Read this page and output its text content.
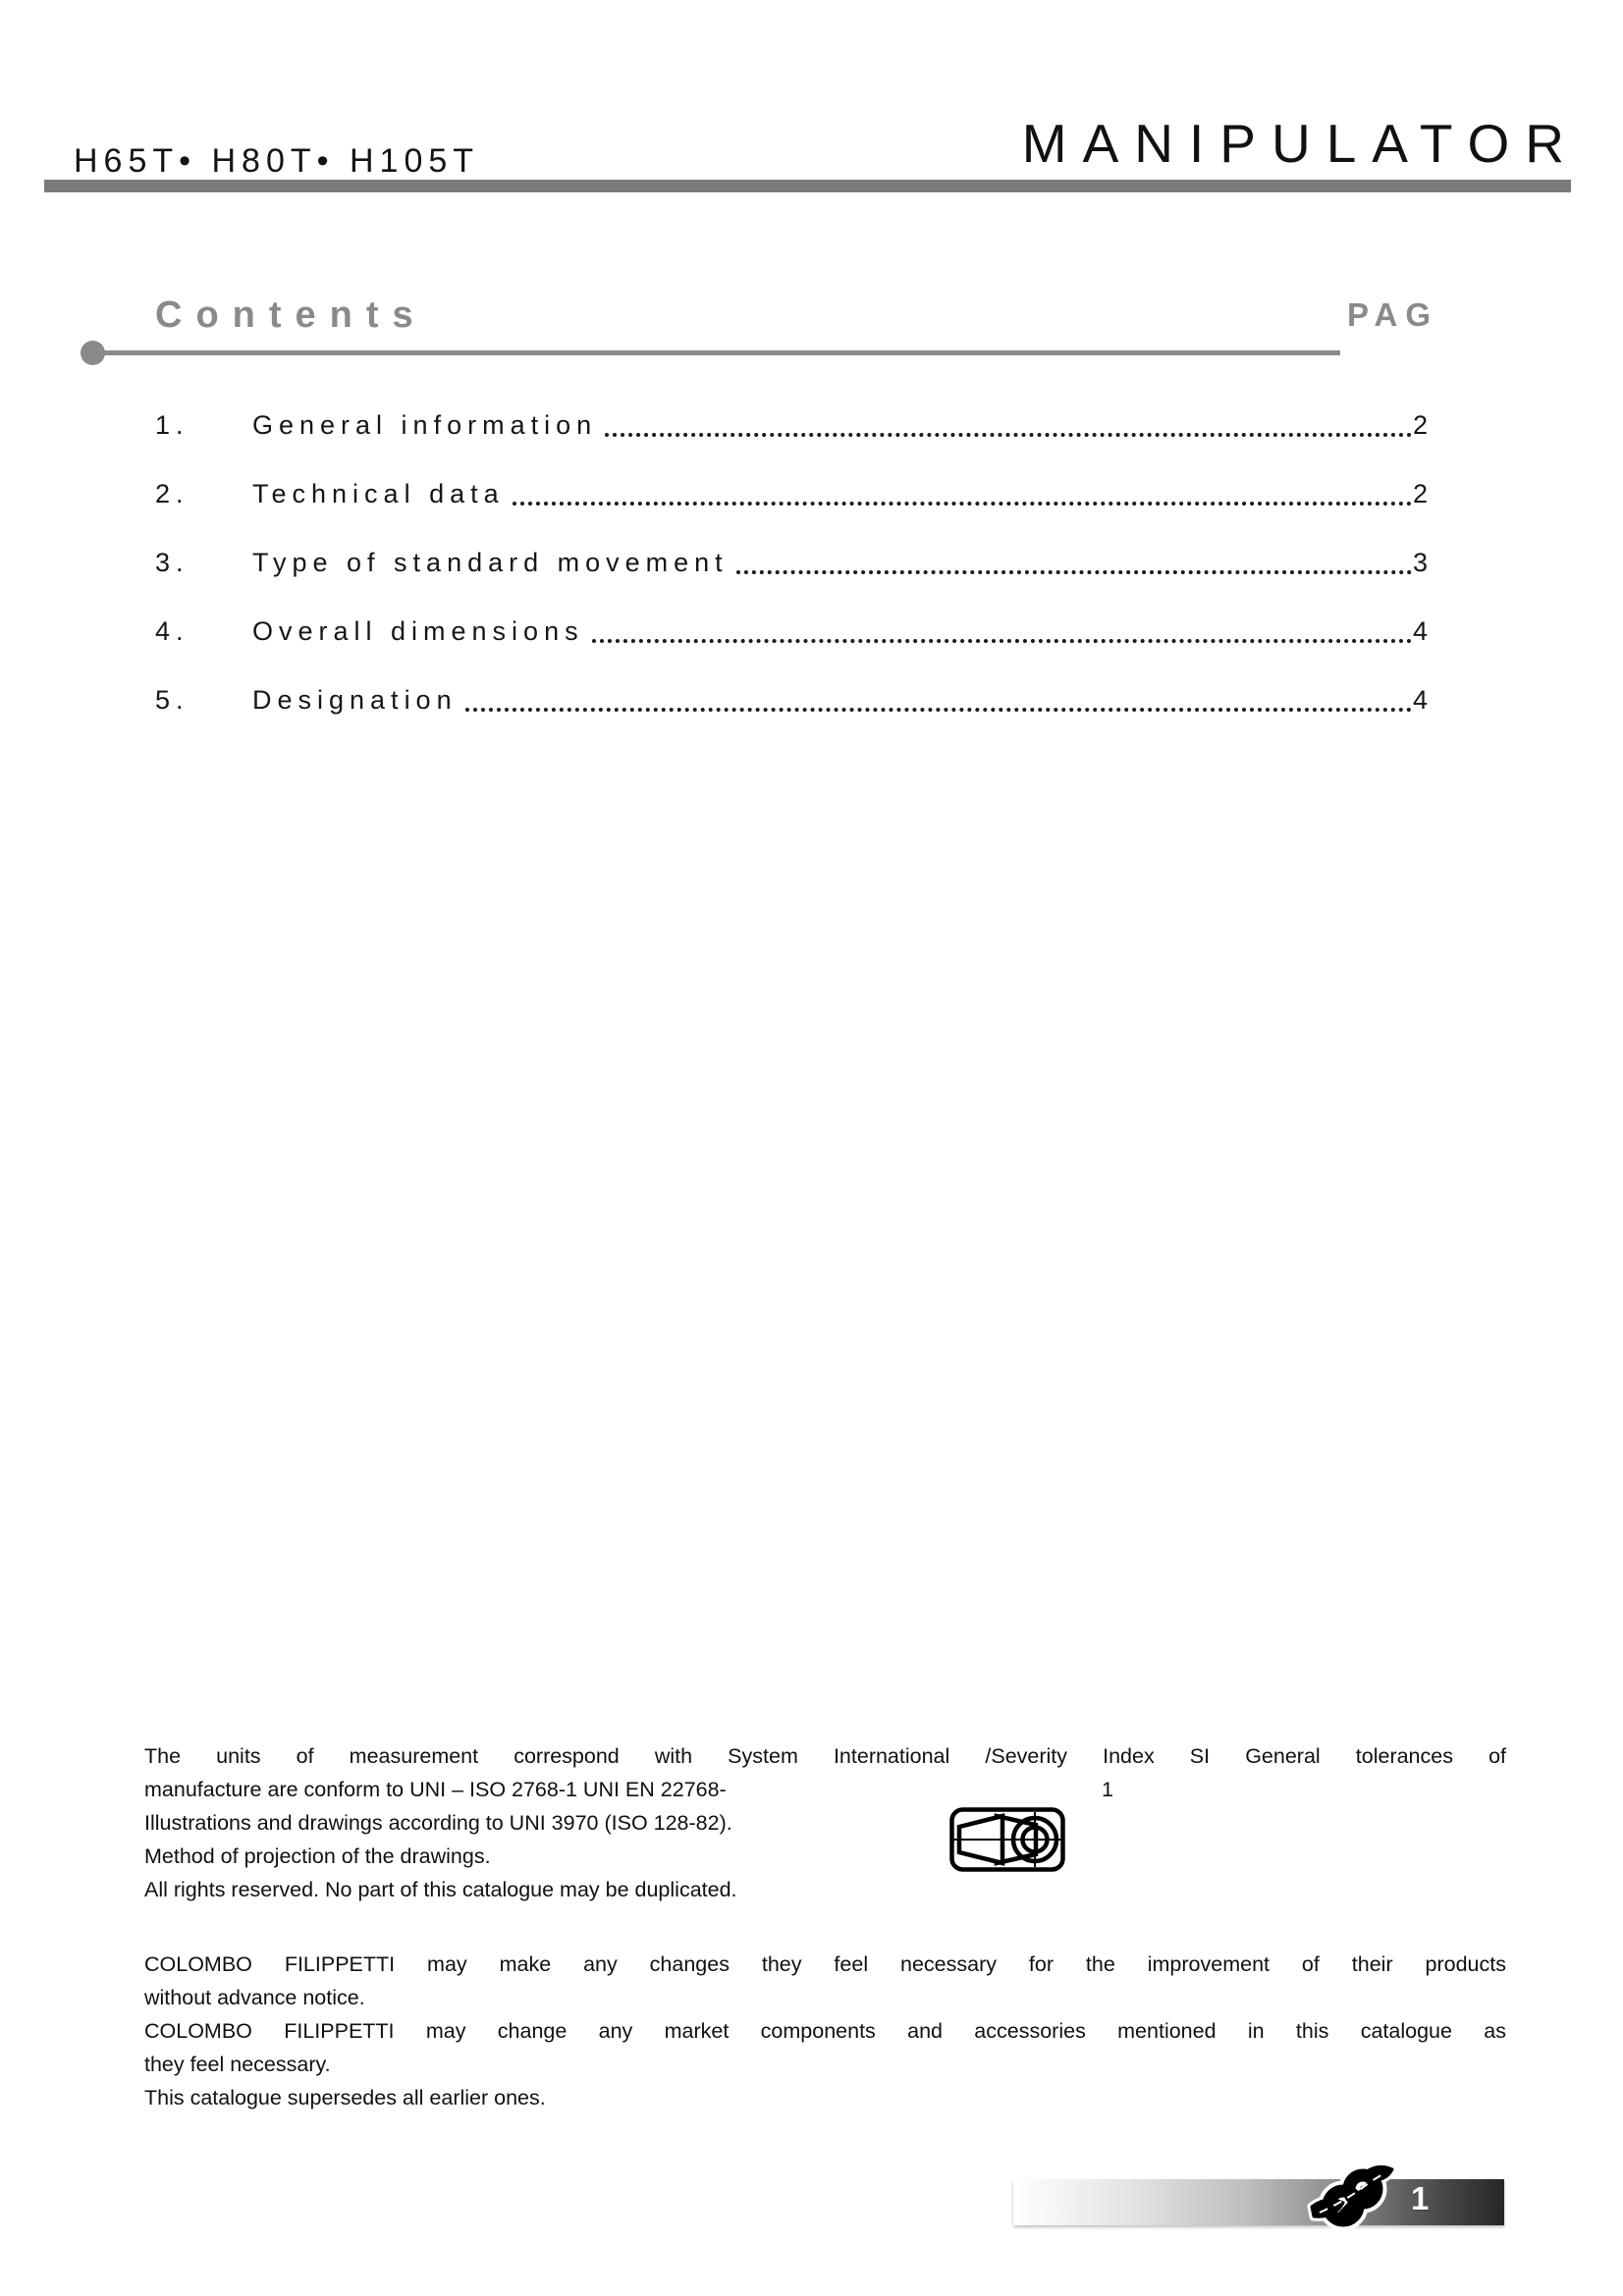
H65T• H80T• H105T	MANIPULATOR
Contents	PAG
1.	General information	2
2.	Technical data	2
3.	Type of standard movement	3
4.	Overall dimensions	4
5.	Designation	4
The units of measurement correspond with System International /Severity Index SI General tolerances of
manufacture are conform to UNI – ISO 2768-1 UNI EN 22768-
Illustrations and drawings according to UNI 3970 (ISO 128-82).
Method of projection of the drawings.
All rights reserved. No part of this catalogue may be duplicated.
1
COLOMBO FILIPPETTI may make any changes they feel necessary for the improvement of their products
without advance notice.
COLOMBO FILIPPETTI may change any market components and accessories mentioned in this catalogue as
they feel necessary.
This catalogue supersedes all earlier ones.
1
